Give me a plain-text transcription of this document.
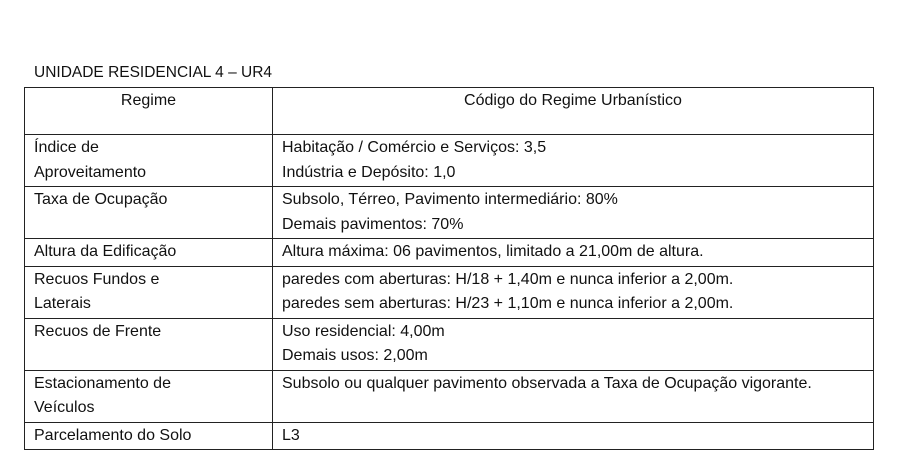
UNIDADE RESIDENCIAL 4 – UR4
Regime	Código do Regime Urbanístico

Índice de
Aproveitamento	Habitação / Comércio e Serviços: 3,5
Indústria e Depósito: 1,0

Taxa de Ocupação	Subsolo, Térreo, Pavimento intermediário: 80%
Demais pavimentos: 70%

Altura da Edificação	Altura máxima: 06 pavimentos, limitado a 21,00m de altura.

Recuos Fundos e
Laterais	paredes com aberturas: H/18 + 1,40m e nunca inferior a 2,00m.
paredes sem aberturas: H/23 + 1,10m e nunca inferior a 2,00m.

Recuos de Frente	Uso residencial: 4,00m
Demais usos: 2,00m

Estacionamento de
Veículos	Subsolo ou qualquer pavimento observada a Taxa de Ocupação vigorante.

Parcelamento do Solo	L3
